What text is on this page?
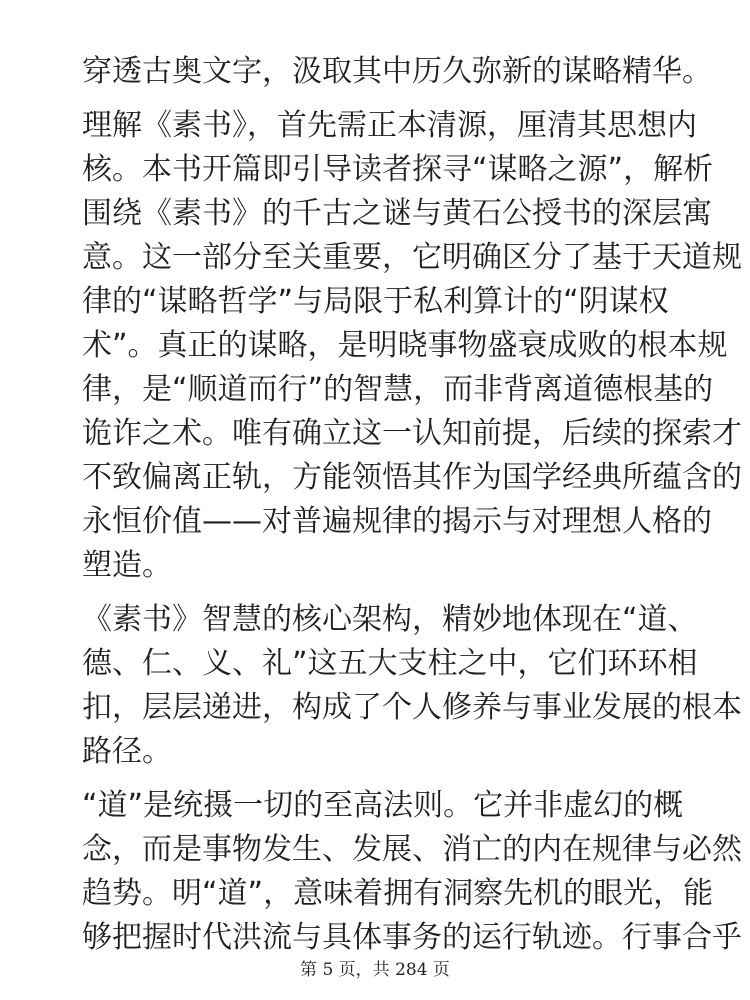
穿透古奥文字，汲取其中历久弥新的谋略精华。
理解《素书》，首先需正本清源，厘清其思想内
核。本书开篇即引导读者探寻“谋略之源”，解析
围绕《素书》的千古之谜与黄石公授书的深层寓
意。这一部分至关重要，它明确区分了基于天道规
律的“谋略哲学”与局限于私利算计的“阴谋权
术”。真正的谋略，是明晓事物盛衰成败的根本规
律，是“顺道而行”的智慧，而非背离道德根基的
诡诈之术。唯有确立这一认知前提，后续的探索才
不致偏离正轨，方能领悟其作为国学经典所蕴含的
永恒价值——对普遍规律的揭示与对理想人格的
塑造。
《素书》智慧的核心架构，精妙地体现在“道、
德、仁、义、礼”这五大支柱之中，它们环环相
扣，层层递进，构成了个人修养与事业发展的根本
路径。
“道”是统摄一切的至高法则。它并非虚幻的概
念，而是事物发生、发展、消亡的内在规律与必然
趋势。明“道”，意味着拥有洞察先机的眼光，能
够把握时代洪流与具体事务的运行轨迹。行事合乎
第 5 页，共 284 页
